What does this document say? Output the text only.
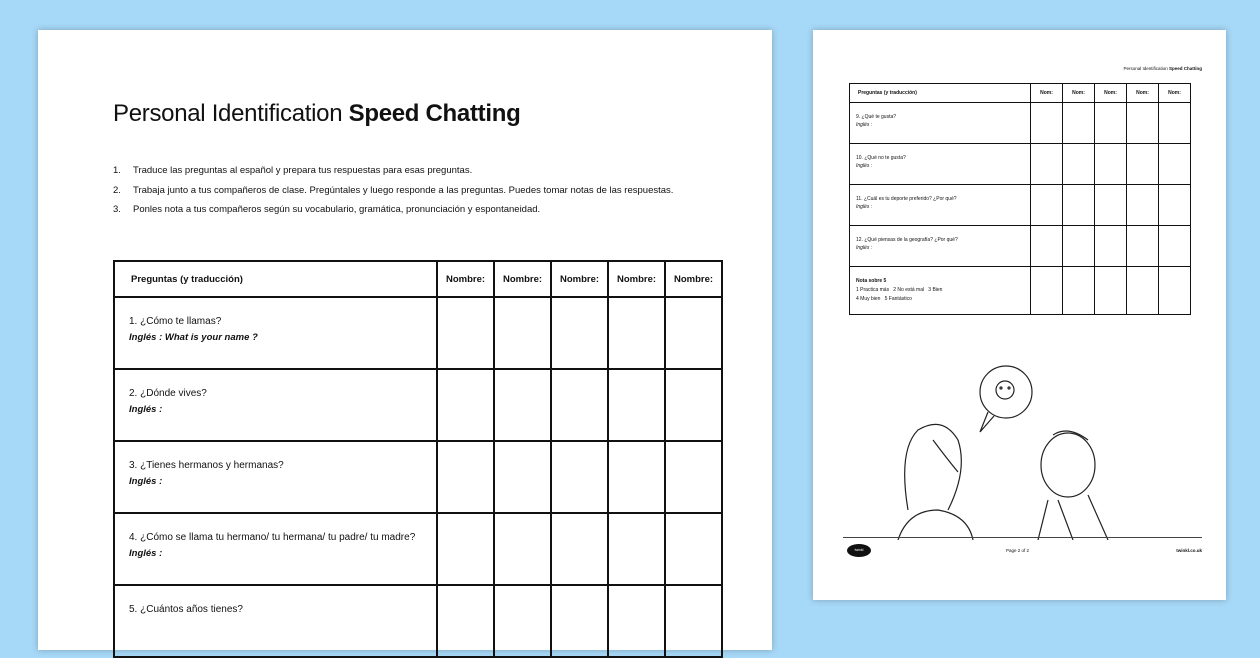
Personal Identification Speed Chatting
1. Traduce las preguntas al español y prepara tus respuestas para esas preguntas.
2. Trabaja junto a tus compañeros de clase. Pregúntales y luego responde a las preguntas. Puedes tomar notas de las respuestas.
3. Ponles nota a tus compañeros según su vocabulario, gramática, pronunciación y espontaneidad.
Preguntas (y traducción)	Nombre:	Nombre:	Nombre:	Nombre:	Nombre:
1. ¿Cómo te llamas?
Inglés : What is your name ?					
2. ¿Dónde vives?
Inglés :					
3. ¿Tienes hermanos y hermanas?
Inglés :					
4. ¿Cómo se llama tu hermano/ tu hermana/ tu padre/ tu madre?
Inglés :					
5. ¿Cuántos años tienes?

Personal Identification Speed Chatting
Preguntas (y traducción)	Nom:	Nom:	Nom:	Nom:	Nom:
9. ¿Qué te gusta?
Inglés :					
10. ¿Qué no te gusta?
Inglés :					
11. ¿Cuál es tu deporte preferido? ¿Por qué?
Inglés :					
12. ¿Qué piensas de la geografía? ¿Por qué?
Inglés :					
Nota sobre 5
1 Practica más 2 No está mal 3 Bien
4 Muy bien 5 Fantástico					
twinkl	Page 2 of 2	twinkl.co.uk
